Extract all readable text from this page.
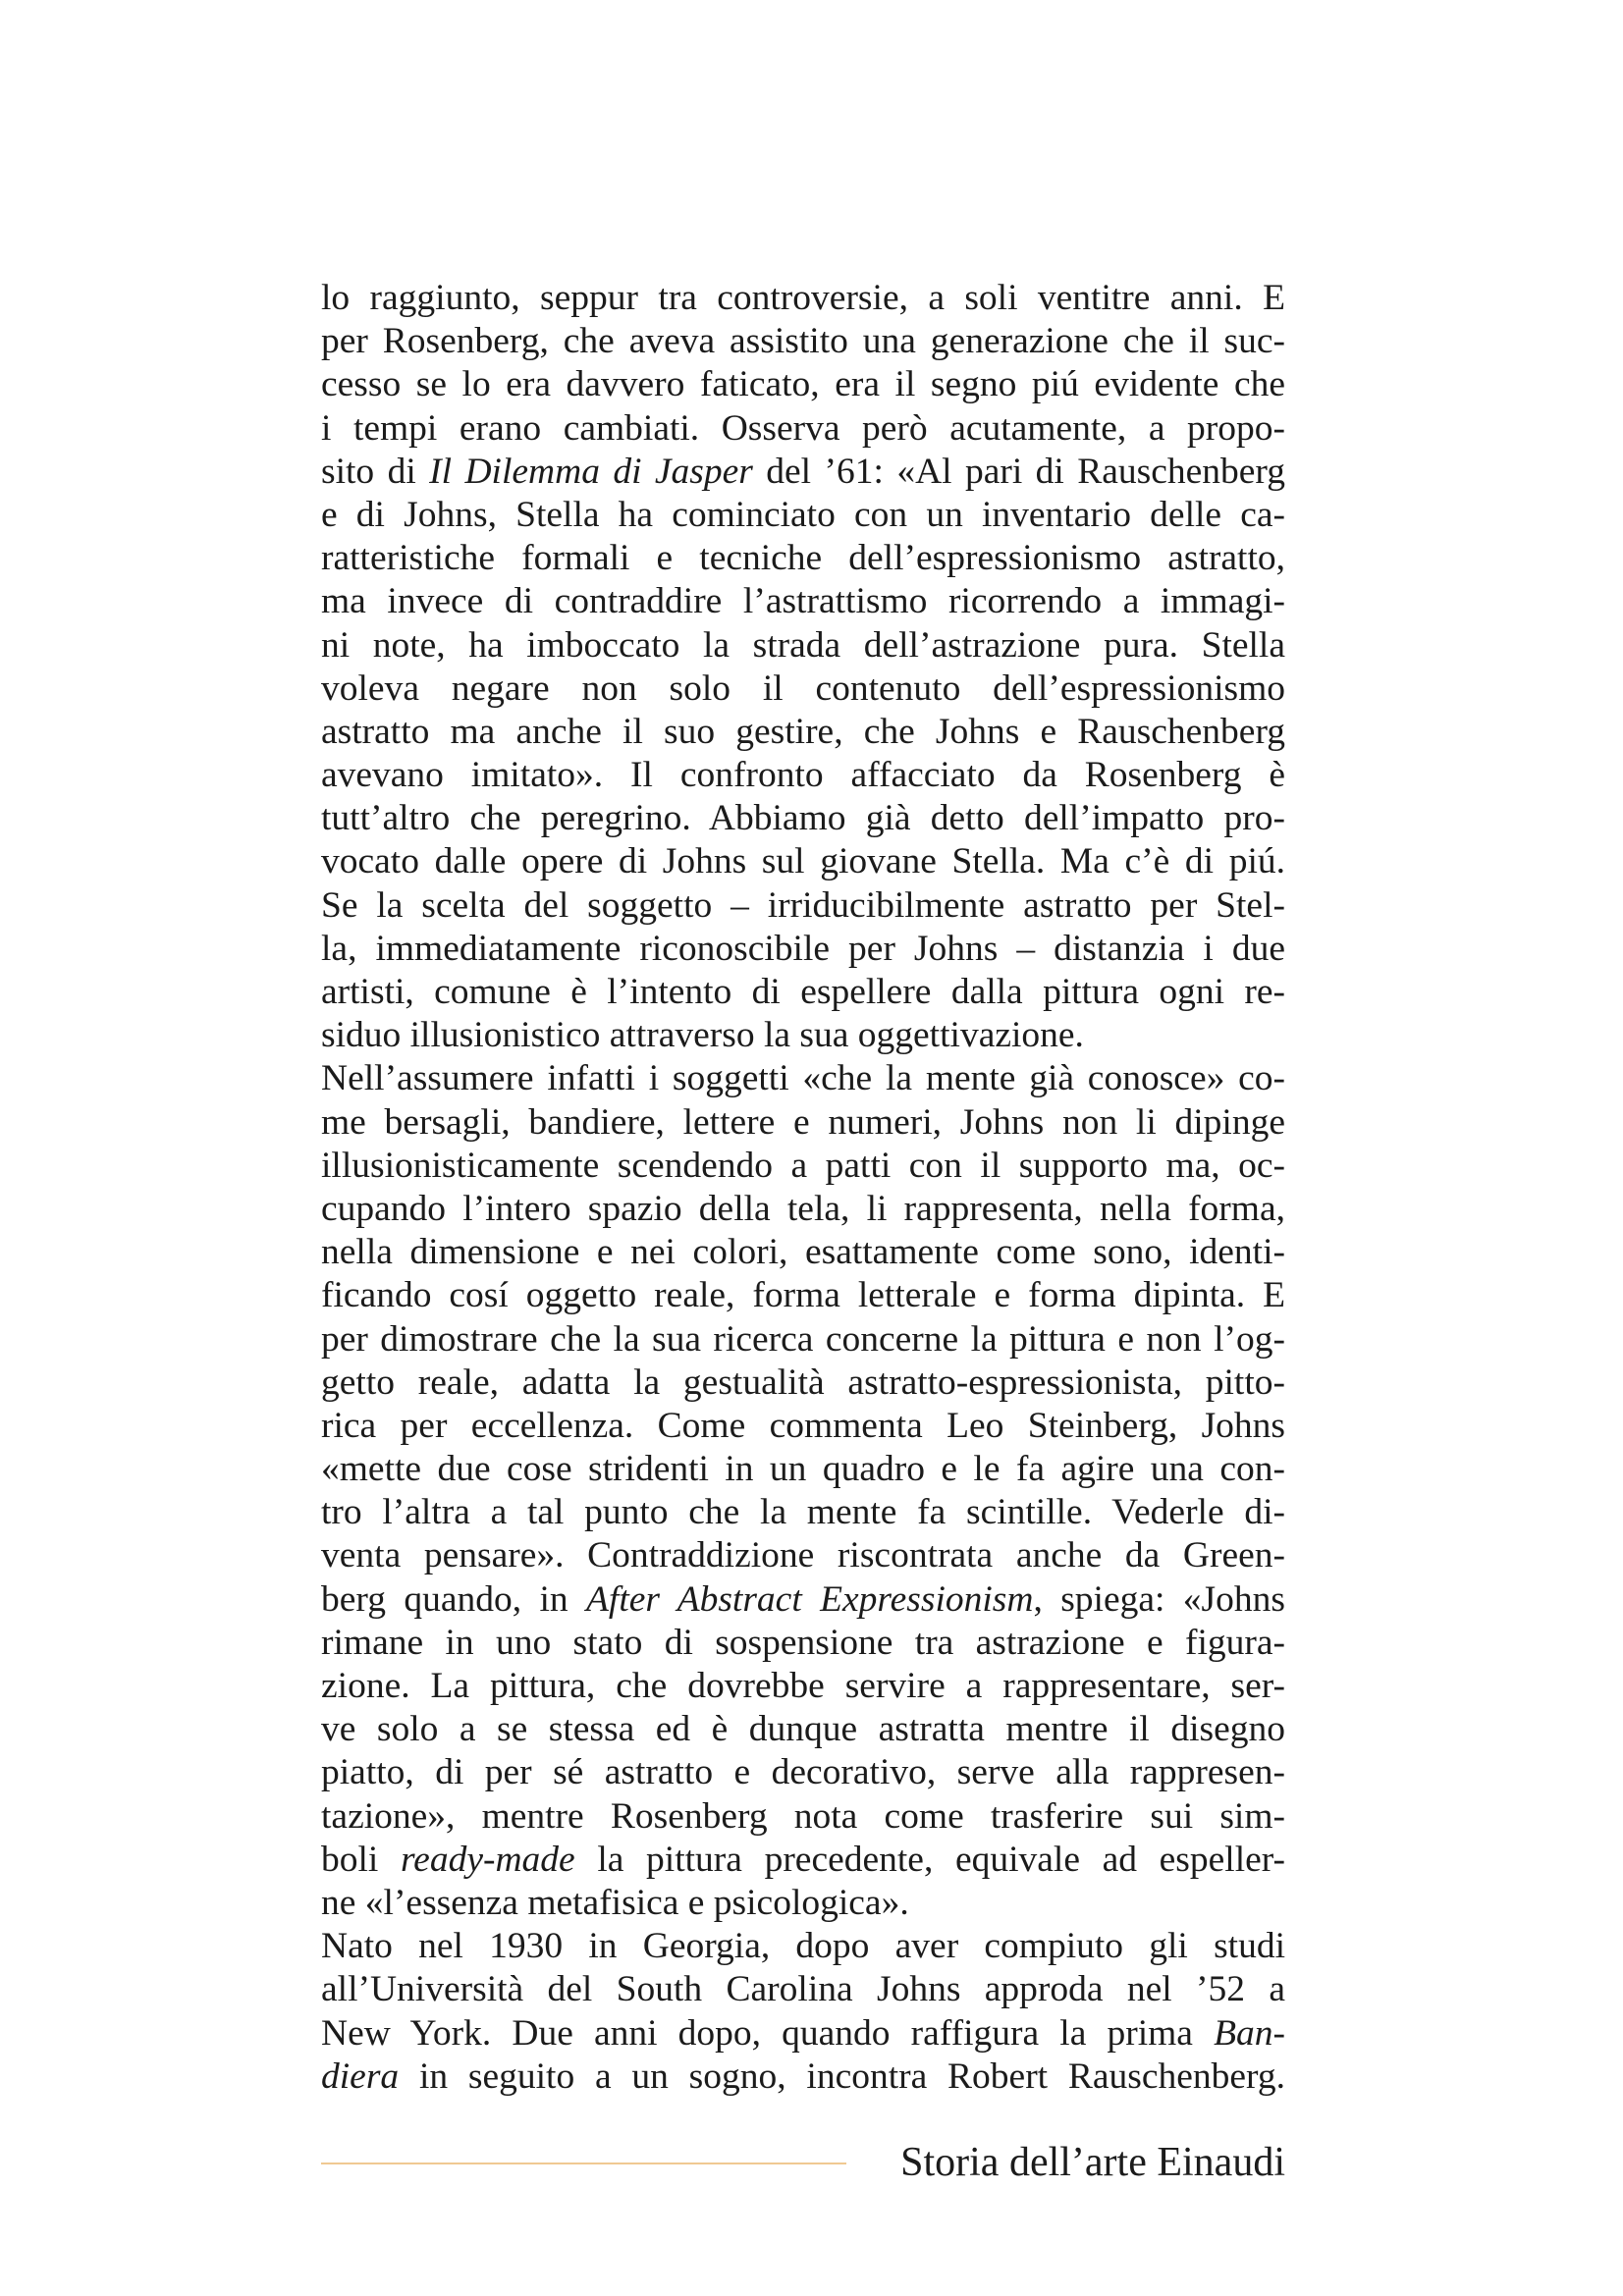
lo raggiunto, seppur tra controversie, a soli ventitre anni. E
per Rosenberg, che aveva assistito una generazione che il suc-
cesso se lo era davvero faticato, era il segno piú evidente che
i tempi erano cambiati. Osserva però acutamente, a propo-
sito di Il Dilemma di Jasper del ’61: «Al pari di Rauschenberg
e di Johns, Stella ha cominciato con un inventario delle ca-
ratteristiche formali e tecniche dell’espressionismo astratto,
ma invece di contraddire l’astrattismo ricorrendo a immagi-
ni note, ha imboccato la strada dell’astrazione pura. Stella
voleva negare non solo il contenuto dell’espressionismo
astratto ma anche il suo gestire, che Johns e Rauschenberg
avevano imitato». Il confronto affacciato da Rosenberg è
tutt’altro che peregrino. Abbiamo già detto dell’impatto pro-
vocato dalle opere di Johns sul giovane Stella. Ma c’è di piú.
Se la scelta del soggetto – irriducibilmente astratto per Stel-
la, immediatamente riconoscibile per Johns – distanzia i due
artisti, comune è l’intento di espellere dalla pittura ogni re-
siduo illusionistico attraverso la sua oggettivazione.
Nell’assumere infatti i soggetti «che la mente già conosce» co-
me bersagli, bandiere, lettere e numeri, Johns non li dipinge
illusionisticamente scendendo a patti con il supporto ma, oc-
cupando l’intero spazio della tela, li rappresenta, nella forma,
nella dimensione e nei colori, esattamente come sono, identi-
ficando cosí oggetto reale, forma letterale e forma dipinta. E
per dimostrare che la sua ricerca concerne la pittura e non l’og-
getto reale, adatta la gestualità astratto-espressionista, pitto-
rica per eccellenza. Come commenta Leo Steinberg, Johns
«mette due cose stridenti in un quadro e le fa agire una con-
tro l’altra a tal punto che la mente fa scintille. Vederle di-
venta pensare». Contraddizione riscontrata anche da Green-
berg quando, in After Abstract Expressionism, spiega: «Johns
rimane in uno stato di sospensione tra astrazione e figura-
zione. La pittura, che dovrebbe servire a rappresentare, ser-
ve solo a se stessa ed è dunque astratta mentre il disegno
piatto, di per sé astratto e decorativo, serve alla rappresen-
tazione», mentre Rosenberg nota come trasferire sui sim-
boli ready-made la pittura precedente, equivale ad espeller-
ne «l’essenza metafisica e psicologica».
Nato nel 1930 in Georgia, dopo aver compiuto gli studi
all’Università del South Carolina Johns approda nel ’52 a
New York. Due anni dopo, quando raffigura la prima Ban-
diera in seguito a un sogno, incontra Robert Rauschenberg.
Storia dell’arte Einaudi
